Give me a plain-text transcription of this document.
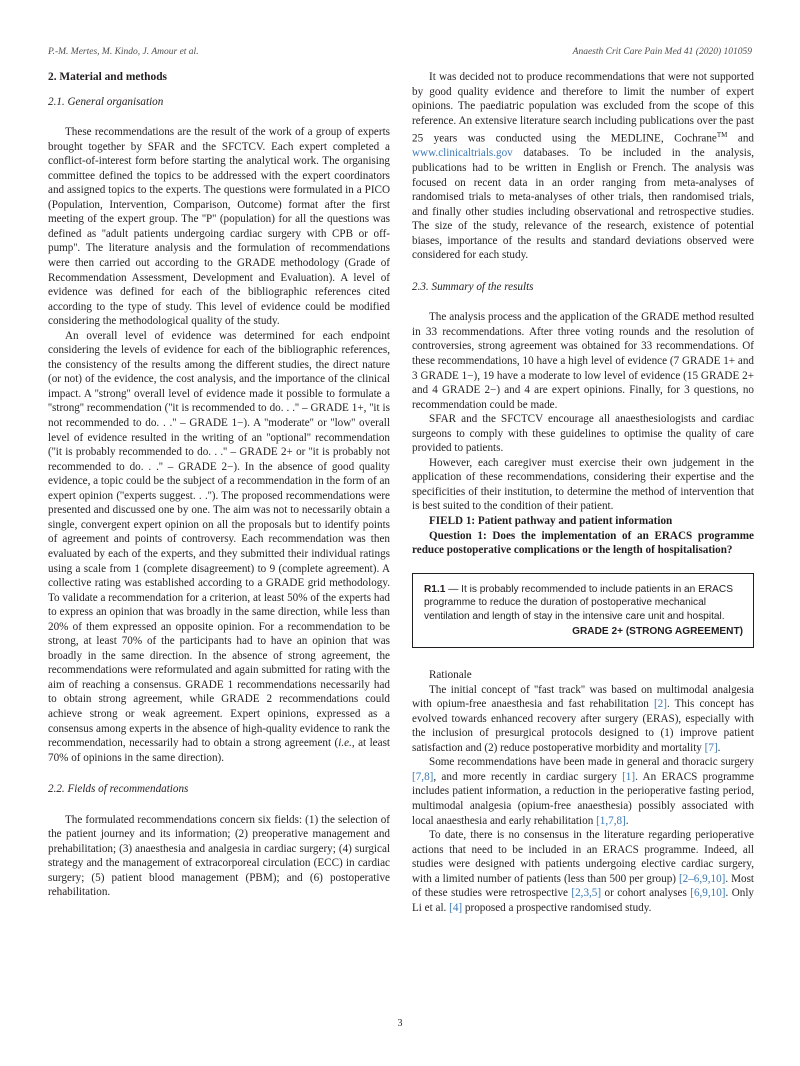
P.-M. Mertes, M. Kindo, J. Amour et al.	Anaesth Crit Care Pain Med 41 (2020) 101059
2. Material and methods
2.1. General organisation

These recommendations are the result of the work of a group of experts brought together by SFAR and the SFCTCV. Each expert completed a conflict-of-interest form before starting the analytical work. The organising committee defined the topics to be addressed with the expert coordinators and assigned topics to the experts. The questions were formulated in a PICO (Population, Intervention, Comparison, Outcome) format after the first meeting of the expert group. The ''P'' (population) for all the questions was defined as ''adult patients undergoing cardiac surgery with CPB or off-pump''. The literature analysis and the formulation of recommendations were then carried out according to the GRADE methodology (Grade of Recommendation Assessment, Development and Evaluation). A level of evidence was defined for each of the bibliographic references cited according to the type of study. This level of evidence could be modified considering the methodological quality of the study.

An overall level of evidence was determined for each endpoint considering the levels of evidence for each of the bibliographic references, the consistency of the results among the different studies, the direct nature (or not) of the evidence, the cost analysis, and the importance of the clinical impact. A ''strong'' overall level of evidence made it possible to formulate a ''strong'' recommendation (''it is recommended to do. . .'' – GRADE 1+, ''it is not recommended to do. . .'' – GRADE 1−). A ''moderate'' or ''low'' overall level of evidence resulted in the writing of an ''optional'' recommendation (''it is probably recommended to do. . .'' – GRADE 2+ or ''it is probably not recommended to do. . .'' – GRADE 2−). In the absence of good quality evidence, a topic could be the subject of a recommendation in the form of an expert opinion (''experts suggest. . .''). The proposed recommendations were presented and discussed one by one. The aim was not to necessarily obtain a single, convergent expert opinion on all the proposals but to identify points of agreement and points of controversy. Each recommendation was then evaluated by each of the experts, and they submitted their individual ratings using a scale from 1 (complete disagreement) to 9 (complete agreement). A collective rating was established according to a GRADE grid methodology. To validate a recommendation for a criterion, at least 50% of the experts had to express an opinion that was broadly in the same direction, while less than 20% of them expressed an opposite opinion. For a recommendation to be strong, at least 70% of the participants had to have an opinion that was broadly in the same direction. In the absence of strong agreement, the recommendations were reformulated and again submitted for rating with the aim of reaching a consensus. GRADE 1 recommendations necessarily had to obtain strong agreement, while GRADE 2 recommendations could achieve strong or weak agreement. Expert opinions, expressed as a consensus among experts in the absence of high-quality evidence to rank the recommendation, necessarily had to obtain a strong agreement (i.e., at least 70% of opinions in the same direction).

2.2. Fields of recommendations

The formulated recommendations concern six fields: (1) the selection of the patient journey and its information; (2) preoperative management and prehabilitation; (3) anaesthesia and analgesia in cardiac surgery; (4) surgical strategy and the management of extracorporeal circulation (ECC) in cardiac surgery; (5) patient blood management (PBM); and (6) postoperative rehabilitation.

It was decided not to produce recommendations that were not supported by good quality evidence and therefore to limit the number of expert opinions. The paediatric population was excluded from the scope of this reference. An extensive literature search including publications over the past 25 years was conducted using the MEDLINE, Cochrane™ and www.clinicaltrials.gov databases. To be included in the analysis, publications had to be written in English or French. The analysis was focused on recent data in an order ranging from meta-analyses of randomised trials to meta-analyses of other trials, then randomised trials, and finally other studies including observational and retrospective studies. The size of the study, relevance of the research, existence of potential biases, importance of the results and standard deviations observed were considered for each study.

2.3. Summary of the results

The analysis process and the application of the GRADE method resulted in 33 recommendations. After three voting rounds and the resolution of controversies, strong agreement was obtained for 33 recommendations. Of these recommendations, 10 have a high level of evidence (7 GRADE 1+ and 3 GRADE 1−), 19 have a moderate to low level of evidence (15 GRADE 2+ and 4 GRADE 2−) and 4 are expert opinions. Finally, for 3 questions, no recommendation could be made.

SFAR and the SFCTCV encourage all anaesthesiologists and cardiac surgeons to comply with these guidelines to optimise the quality of care provided to patients.

However, each caregiver must exercise their own judgement in the application of these recommendations, considering their expertise and the specificities of their institution, to determine the method of intervention that is best suited to the condition of their patient.

FIELD 1: Patient pathway and patient information

Question 1: Does the implementation of an ERACS programme reduce postoperative complications or the length of hospitalisation?

R1.1 — It is probably recommended to include patients in an ERACS programme to reduce the duration of postoperative mechanical ventilation and length of stay in the intensive care unit and hospital.
GRADE 2+ (STRONG AGREEMENT)

Rationale

The initial concept of ''fast track'' was based on multimodal analgesia with opium-free anaesthesia and fast rehabilitation [2]. This concept has evolved towards enhanced recovery after surgery (ERAS), especially with the inclusion of presurgical protocols designed to (1) improve patient satisfaction and (2) reduce postoperative morbidity and mortality [7].

Some recommendations have been made in general and thoracic surgery [7,8], and more recently in cardiac surgery [1]. An ERACS programme includes patient information, a reduction in the perioperative fasting period, multimodal analgesia (opium-free anaesthesia) possibly associated with local anaesthesia and early rehabilitation [1,7,8].

To date, there is no consensus in the literature regarding perioperative actions that need to be included in an ERACS programme. Indeed, all studies were designed with patients undergoing elective cardiac surgery, with a limited number of patients (less than 500 per group) [2–6,9,10]. Most of these studies were retrospective [2,3,5] or cohort analyses [6,9,10]. Only Li et al. [4] proposed a prospective randomised study.

3
